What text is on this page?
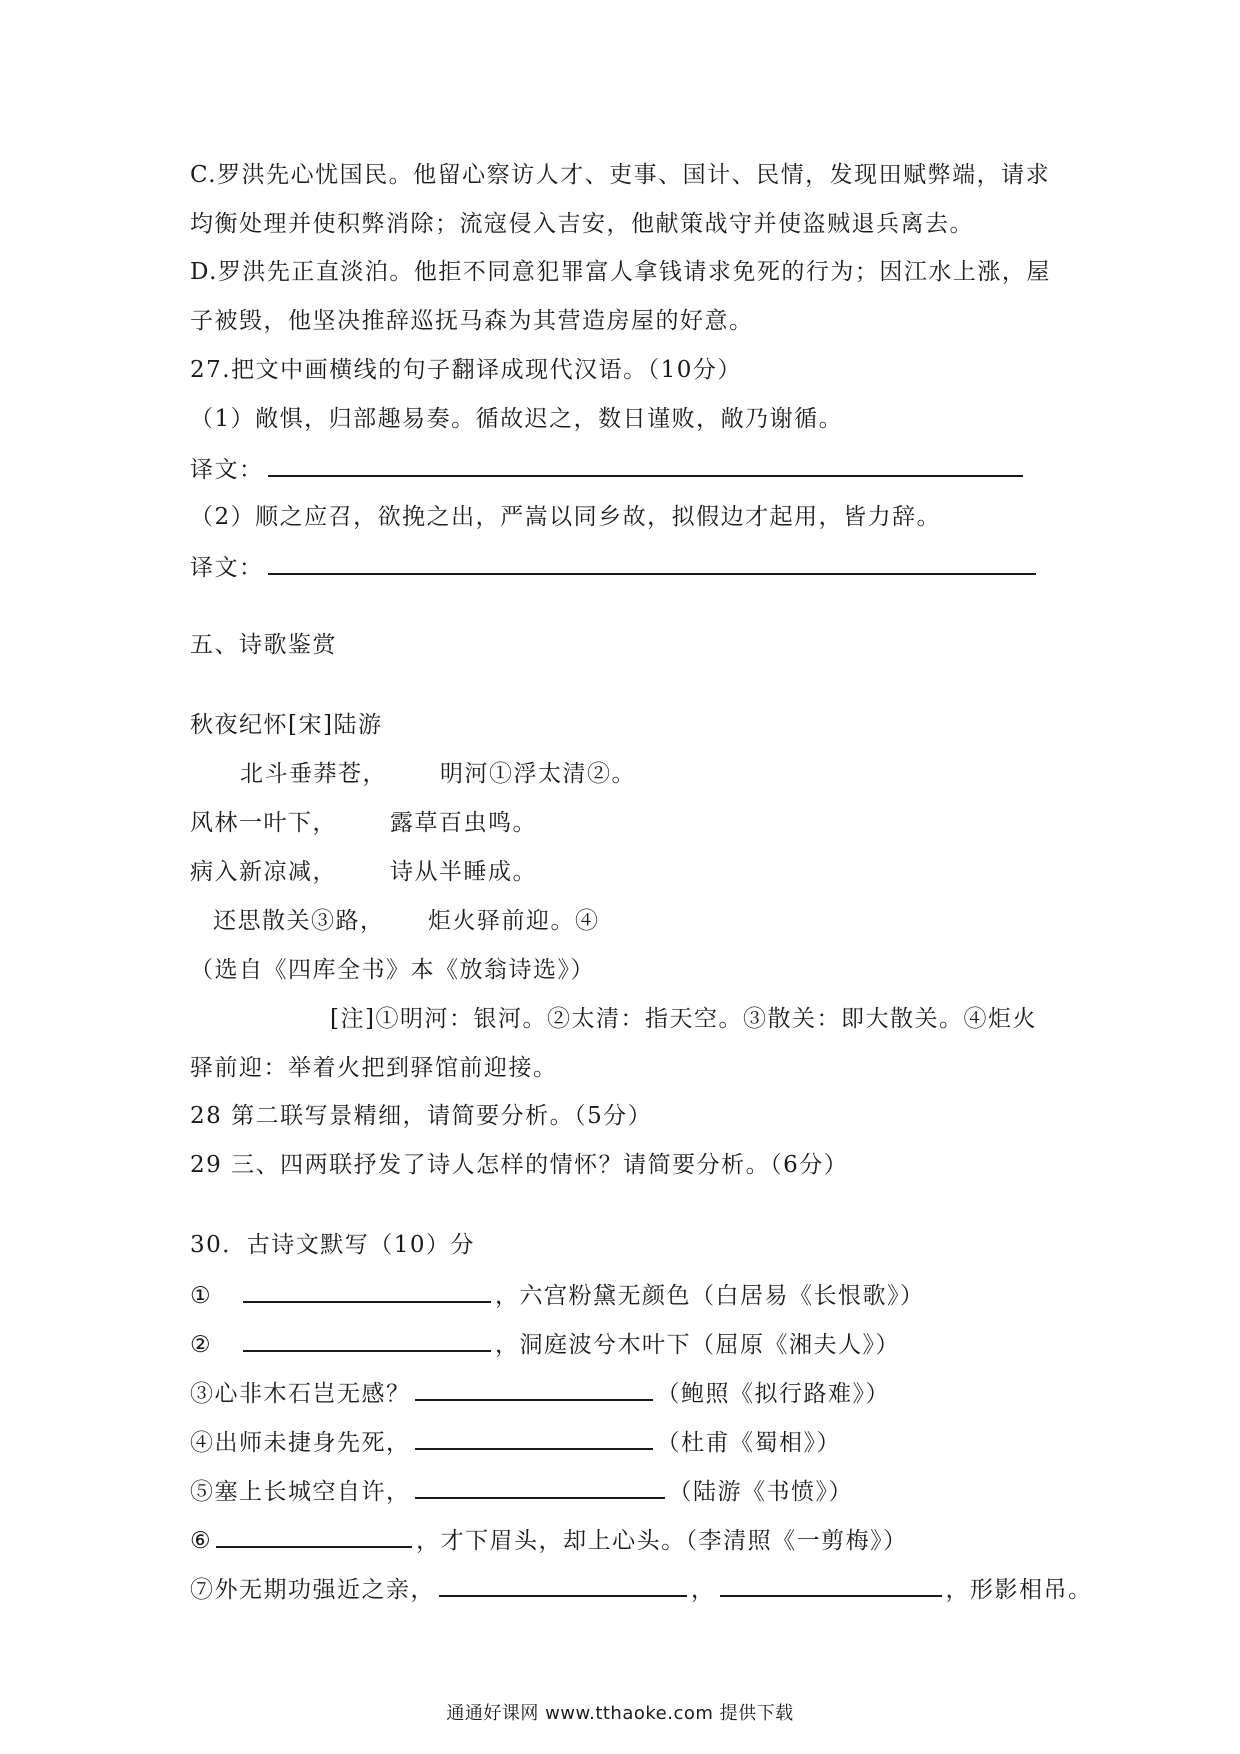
C.罗洪先心忧国民。他留心察访人才、吏事、国计、民情，发现田赋弊端，请求
均衡处理并使积弊消除；流寇侵入吉安，他献策战守并使盗贼退兵离去。
D.罗洪先正直淡泊。他拒不同意犯罪富人拿钱请求免死的行为；因江水上涨，屋
子被毁，他坚决推辞巡抚马森为其营造房屋的好意。
27.把文中画横线的句子翻译成现代汉语。（10分）
（1）敞惧，归部趣易奏。循故迟之，数日谨败，敞乃谢循。
译文：
（2）顺之应召，欲挽之出，严嵩以同乡故，拟假边才起用，皆力辞。
译文：
五、诗歌鉴赏
秋夜纪怀[宋]陆游
北斗垂莽苍， 明河①浮太清②。
风林一叶下， 露草百虫鸣。
病入新凉减， 诗从半睡成。
还思散关③路， 炬火驿前迎。④
（选自《四库全书》本《放翁诗选》）
[注]①明河：银河。②太清：指天空。③散关：即大散关。④炬火
驿前迎：举着火把到驿馆前迎接。
28 第二联写景精细，请简要分析。（5分）
29 三、四两联抒发了诗人怎样的情怀？请简要分析。（6分）
30．古诗文默写（10）分
①	，六宫粉黛无颜色（白居易《长恨歌》）
②	，洞庭波兮木叶下（屈原《湘夫人》）
③心非木石岂无感？	（鲍照《拟行路难》）
④出师未捷身先死，	（杜甫《蜀相》）
⑤塞上长城空自许，	（陆游《书愤》）
⑥	，才下眉头，却上心头。（李清照《一剪梅》）
⑦外无期功强近之亲，	，	，形影相吊。
通通好课网 www.tthaoke.com 提供下载
